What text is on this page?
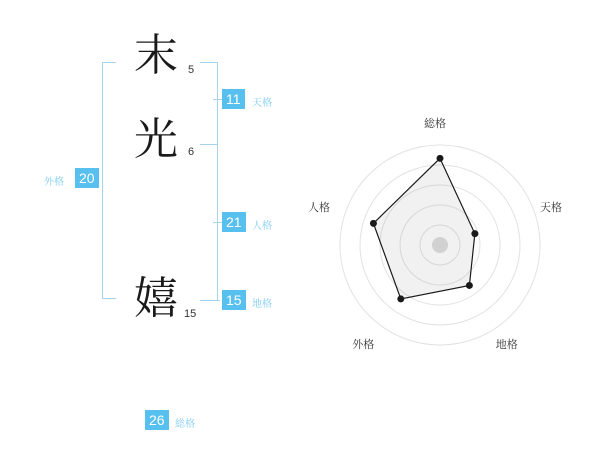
末
光
嬉
5
6
15
11	天格
21	人格
15	地格
20
外格
26	総格
総格
天格
地格
外格
人格
